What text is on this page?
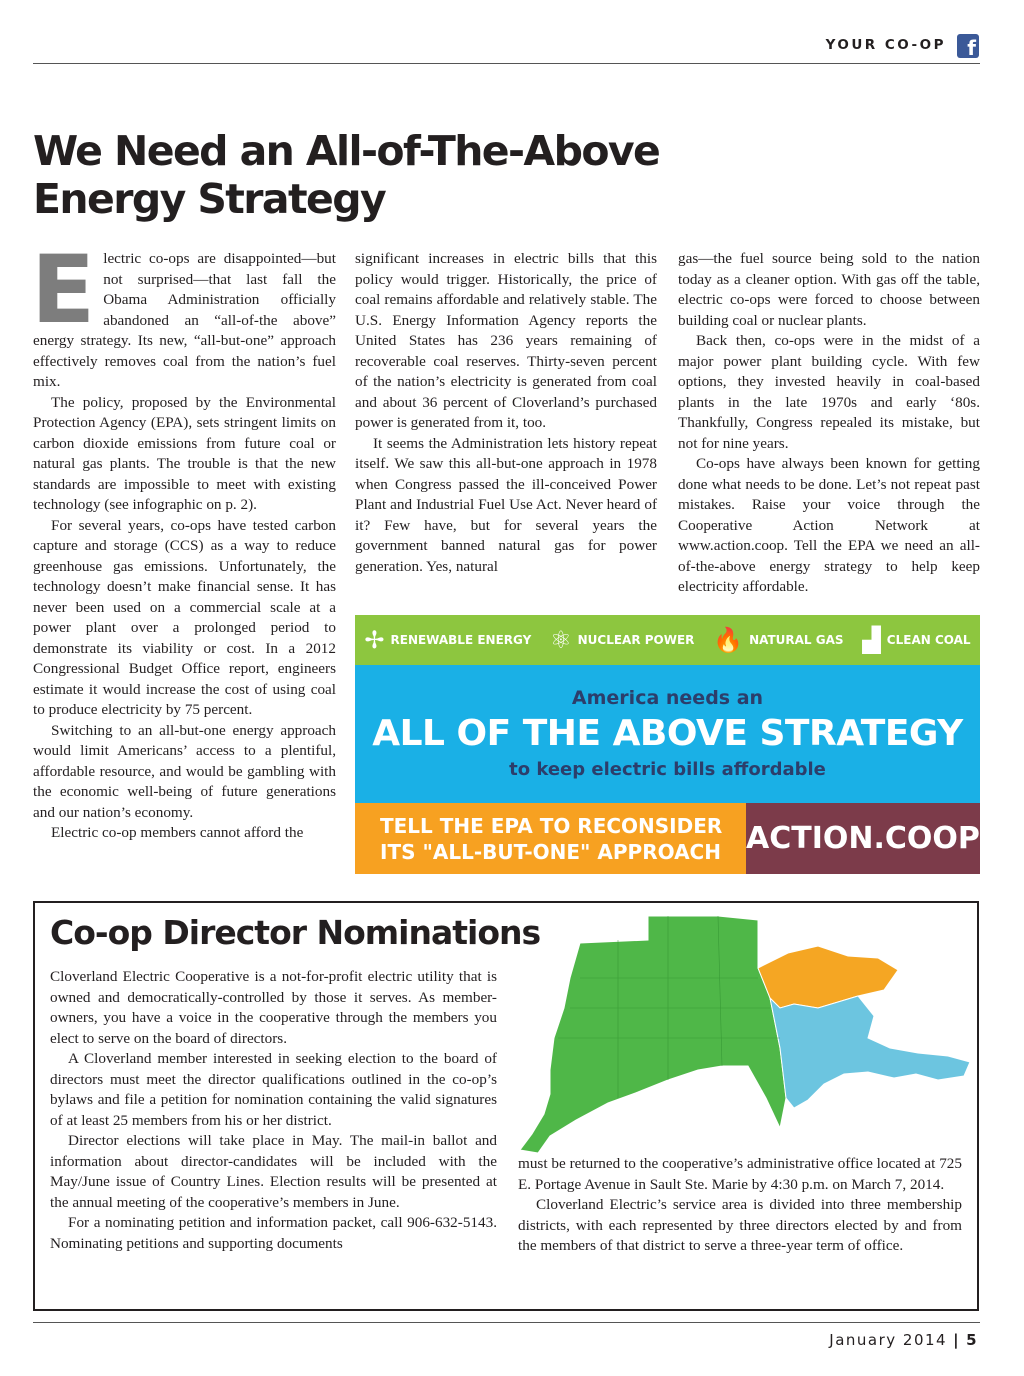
YOUR CO-OP	f
We Need an All-of-The-Above Energy Strategy
E lectric co-ops are disappointed—but not surprised—that last fall the Obama Administration officially abandoned an “all-of-the above” energy strategy. Its new, “all-but-one” approach effectively removes coal from the nation’s fuel mix.

The policy, proposed by the Environmental Protection Agency (EPA), sets stringent limits on carbon dioxide emissions from future coal or natural gas plants. The trouble is that the new standards are impossible to meet with existing technology (see infographic on p. 2).

For several years, co-ops have tested carbon capture and storage (CCS) as a way to reduce greenhouse gas emissions. Unfortunately, the technology doesn’t make financial sense. It has never been used on a commercial scale at a power plant over a prolonged period to demonstrate its viability or cost. In a 2012 Congressional Budget Office report, engineers estimate it would increase the cost of using coal to produce electricity by 75 percent.

Switching to an all-but-one energy approach would limit Americans’ access to a plentiful, affordable resource, and would be gambling with the economic well-being of future generations and our nation’s economy.

Electric co-op members cannot afford the

significant increases in electric bills that this policy would trigger. Historically, the price of coal remains affordable and relatively stable. The U.S. Energy Information Agency reports the United States has 236 years remaining of recoverable coal reserves. Thirty-seven percent of the nation’s electricity is generated from coal and about 36 percent of Cloverland’s purchased power is generated from it, too.

It seems the Administration lets history repeat itself. We saw this all-but-one approach in 1978 when Congress passed the ill-conceived Power Plant and Industrial Fuel Use Act. Never heard of it? Few have, but for several years the government banned natural gas for power generation. Yes, natural

gas—the fuel source being sold to the nation today as a cleaner option. With gas off the table, electric co-ops were forced to choose between building coal or nuclear plants.

Back then, co-ops were in the midst of a major power plant building cycle. With few options, they invested heavily in coal-based plants in the late 1970s and early ‘80s. Thankfully, Congress repealed its mistake, but not for nine years.

Co-ops have always been known for getting done what needs to be done. Let’s not repeat past mistakes. Raise your voice through the Cooperative Action Network at www.action.coop. Tell the EPA we need an all-of-the-above energy strategy to help keep electricity affordable.

✢ RENEWABLE ENERGY ⚛ NUCLEAR POWER 🔥 NATURAL GAS ▟ CLEAN COAL
America needs an
ALL OF THE ABOVE STRATEGY
to keep electric bills affordable
TELL THE EPA TO RECONSIDER
ITS "ALL-BUT-ONE" APPROACH ACTION.COOP
Co-op Director Nominations

Cloverland Electric Cooperative is a not-for-profit electric utility that is owned and democratically-controlled by those it serves. As member-owners, you have a voice in the cooperative through the members you elect to serve on the board of directors.

A Cloverland member interested in seeking election to the board of directors must meet the director qualifications outlined in the co-op’s bylaws and file a petition for nomination containing the valid signatures of at least 25 members from his or her district.

Director elections will take place in May. The mail-in ballot and information about director-candidates will be included with the May/June issue of Country Lines. Election results will be presented at the annual meeting of the cooperative’s members in June.

For a nominating petition and information packet, call 906-632-5143. Nominating petitions and supporting documents

must be returned to the cooperative’s administrative office located at 725 E. Portage Avenue in Sault Ste. Marie by 4:30 p.m. on March 7, 2014.

Cloverland Electric’s service area is divided into three membership districts, with each represented by three directors elected by and from the members of that district to serve a three-year term of office.

January 2014 | 5
